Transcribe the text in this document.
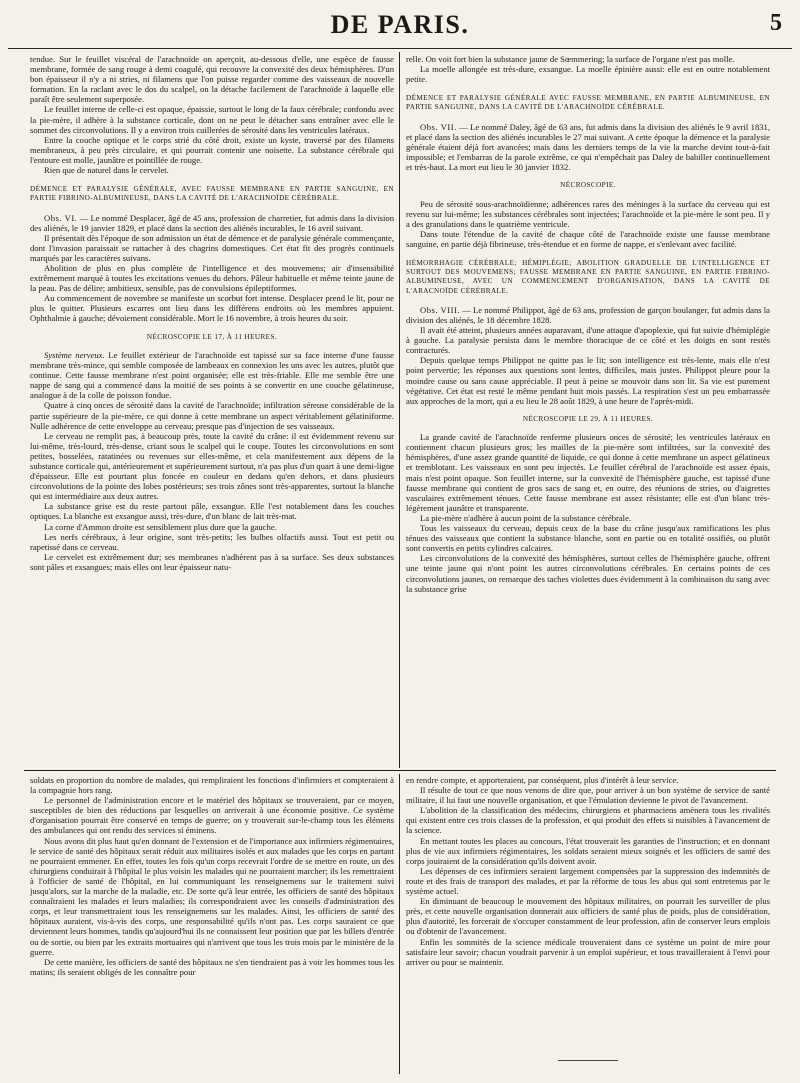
DE PARIS.	5

tendue. Sur le feuillet viscéral de l'arachnoïde on aperçoit, au-dessous d'elle, une espèce de fausse membrane, formée de sang rouge à demi coagulé, qui recouvre la convexité des deux hémisphères. D'un bon épaisseur il n'y a ni stries, ni filamens que l'on puisse regarder comme des vaisseaux de nouvelle formation. En la raclant avec le dos du scalpel, on la détache facilement de l'arachnoïde à laquelle elle paraît être seulement superposée.

Le feuillet interne de celle-ci est opaque, épaissie, surtout le long de la faux cérébrale; confondu avec la pie-mère, il adhère à la substance corticale, dont on ne peut le détacher sans entraîner avec elle le sommet des circonvolutions. Il y a environ trois cuillerées de sérosité dans les ventricules latéraux.

Entre la couche optique et le corps strié du côté droit, existe un kyste, traversé par des filamens membraneux, à peu près circulaire, et qui pourrait contenir une noisette. La substance cérébrale qui l'entoure est molle, jaunâtre et pointillée de rouge.

Rien que de naturel dans le cervelet.

DÉMENCE ET PARALYSIE GÉNÉRALE, AVEC FAUSSE MEMBRANE EN PARTIE SANGUINE, EN PARTIE FIBRINO-ALBUMINEUSE, DANS LA CAVITÉ DE L'ARACHNOÏDE CÉRÉBRALE.

Obs. VI. — Le nommé Desplacer, âgé de 45 ans, profession de charretier, fut admis dans la division des aliénés, le 19 janvier 1829, et placé dans la section des aliénés incurables, le 16 avril suivant.

Il présentait dès l'époque de son admission un état de démence et de paralysie générale commençante, dont l'invasion paraissait se rattacher à des chagrins domestiques. Cet état fit des progrès continuels marqués par les caractères suivans.

Abolition de plus en plus complète de l'intelligence et des mouvemens; air d'insensibilité extrêmement marqué à toutes les excitations venues du dehors. Pâleur habituelle et même teinte jaune de la peau. Pas de délire; ambitieux, sensible, pas de convulsions épileptiformes.

Au commencement de novembre se manifeste un scorbut fort intense. Desplacer prend le lit, pour ne plus le quitter. Plusieurs escarres ont lieu dans les différens endroits où les membres appuient. Ophthalmie à gauche; dévoiement considérable. Mort le 16 novembre, à trois heures du soir.

NÉCROSCOPIE LE 17, À 11 HEURES.

Système nerveux. Le feuillet extérieur de l'arachnoïde est tapissé sur sa face interne d'une fausse membrane très-mince, qui semble composée de lambeaux en connexion les uns avec les autres, plutôt que continue. Cette fausse membrane n'est point organisée; elle est très-friable. Elle me semble être une nappe de sang qui a commencé dans la moitié de ses points à se convertir en une couche gélatineuse, analogue à de la colle de poisson fondue.

Quatre à cinq onces de sérosité dans la cavité de l'arachnoïde; infiltration séreuse considérable de la partie supérieure de la pie-mère, ce qui donne à cette membrane un aspect véritablement gélatiniforme. Nulle adhérence de cette enveloppe au cerveau; presque pas d'injection de ses vaisseaux.

Le cerveau ne remplit pas, à beaucoup près, toute la cavité du crâne: il est évidemment revenu sur lui-même, très-lourd, très-dense, criant sous le scalpel qui le coupe. Toutes les circonvolutions en sont petites, bosselées, ratatinées ou revenues sur elles-même, et cela manifestement aux dépens de la substance corticale qui, antérieurement et supérieurement surtout, n'a pas plus d'un quart à une demi-ligne d'épaisseur. Elle est pourtant plus foncée en couleur en dedans qu'en dehors, et dans plusieurs circonvolutions de la pointe des lobes postérieurs; ses trois zônes sont très-apparentes, surtout la blanche qui est intermédiaire aux deux autres.

La substance grise est du reste partout pâle, exsangue. Elle l'est notablement dans les couches optiques. La blanche est exsangue aussi, très-dure, d'un blanc de lait très-mat.

La corne d'Ammon droite est sensiblement plus dure que la gauche.

Les nerfs cérébraux, à leur origine, sont très-petits; les bulbes olfactifs aussi. Tout est petit ou rapetissé dans ce cerveau.

Le cervelet est extrêmement dur; ses membranes n'adhèrent pas à sa surface. Ses deux substances sont pâles et exsangues; mais elles ont leur épaisseur natu-

relle. On voit fort bien la substance jaune de Sœmmering; la surface de l'organe n'est pas molle.

La moelle allongée est très-dure, exsangue. La moelle épinière aussi: elle est en outre notablement petite.

DÉMENCE ET PARALYSIE GÉNÉRALE AVEC FAUSSE MEMBRANE, EN PARTIE ALBUMINEUSE, EN PARTIE SANGUINE, DANS LA CAVITÉ DE L'ARACHNOÏDE CÉRÉBRALE.

Obs. VII. — Le nommé Daley, âgé de 63 ans, fut admis dans la division des aliénés le 9 avril 1831, et placé dans la section des aliénés incurables le 27 mai suivant. A cette époque la démence et la paralysie générale étaient déjà fort avancées; mais dans les derniers temps de la vie la marche devint tout-à-fait impossible; et l'embarras de la parole extrême, ce qui n'empêchait pas Daley de babiller continuellement et très-haut. La mort eut lieu le 30 janvier 1832.

NÉCROSCOPIE.

Peu de sérosité sous-arachnoïdienne; adhérences rares des méninges à la surface du cerveau qui est revenu sur lui-même; les substances cérébrales sont injectées; l'arachnoïde et la pie-mère le sont peu. Il y a des granulations dans le quatrième ventricule.

Dans toute l'étendue de la cavité de chaque côté de l'arachnoïde existe une fausse membrane sanguine, en partie déjà fibrineuse, très-étendue et en forme de nappe, et s'enlevant avec facilité.

HÉMORRHAGIE CÉRÉBRALE; HÉMIPLÉGIE; ABOLITION GRADUELLE DE L'INTELLIGENCE ET SURTOUT DES MOUVEMENS; FAUSSE MEMBRANE EN PARTIE SANGUINE, EN PARTIE FIBRINO-ALBUMINEUSE, AVEC UN COMMENCEMENT D'ORGANISATION, DANS LA CAVITÉ DE L'ARACNOÏDE CÉRÉBRALE.

Obs. VIII. — Le nommé Philippot, âgé de 63 ans, profession de garçon boulanger, fut admis dans la division des aliénés, le 18 décembre 1828.

Il avait été atteint, plusieurs années auparavant, d'une attaque d'apoplexie, qui fut suivie d'hémiplégie à gauche. La paralysie persista dans le membre thoracique de ce côté et les doigts en sont restés contracturés.

Depuis quelque temps Philippot ne quitte pas le lit; son intelligence est très-lente, mais elle n'est point pervertie; les réponses aux questions sont lentes, difficiles, mais justes. Philippot pleure pour la moindre cause ou sans cause appréciable. Il peut à peine se mouvoir dans son lit. Sa vie est purement végétative. Cet état est resté le même pendant huit mois passés. La respiration s'est un peu embarrassée aux approches de la mort, qui a eu lieu le 28 août 1829, à une heure de l'après-midi.

NÉCROSCOPIE LE 29, À 11 HEURES.

La grande cavité de l'arachnoïde renferme plusieurs onces de sérosité; les ventricules latéraux en contiennent chacun plusieurs gros; les mailles de la pie-mère sont infiltrées, sur la convexité des hémisphères, d'une assez grande quantité de liquide, ce qui donne à cette membrane un aspect gélatineux et tremblotant. Les vaisseaux en sont peu injectés. Le feuillet cérébral de l'arachnoïde est assez épais, mais n'est point opaque. Son feuillet interne, sur la convexité de l'hémisphère gauche, est tapissé d'une fausse membrane qui contient de gros sacs de sang et, en outre, des réunions de stries, ou d'aigrettes vasculaires extrêmement ténues. Cette fausse membrane est assez résistante; elle est d'un blanc très-légèrement jaunâtre et transparente.

La pie-mère n'adhère à aucun point de la substance cérébrale.

Tous les vaisseaux du cerveau, depuis ceux de la base du crâne jusqu'aux ramifications les plus ténues des vaisseaux que contient la substance blanche, sont en partie ou en totalité ossifiés, ou plutôt sont convertis en petits cylindres calcaires.

Les circonvolutions de la convexité des hémisphères, surtout celles de l'hémisphère gauche, offrent une teinte jaune qui n'ont point les autres circonvolutions cérébrales. En certains points de ces circonvolutions jaunes, on remarque des taches violettes dues évidemment à la combinaison du sang avec la substance grise

soldats en proportion du nombre de malades, qui rempliraient les fonctions d'infirmiers et compteraient à la compagnie hors rang.

Le personnel de l'administration encore et le matériel des hôpitaux se trouveraient, par ce moyen, susceptibles de bien des réductions par lesquelles on arriverait à une économie positive. Ce système d'organisation pourrait être conservé en temps de guerre; on y trouverait sur-le-champ tous les élémens des ambulances qui ont rendu des services si éminens.

Nous avons dit plus haut qu'en donnant de l'extension et de l'importance aux infirmiers régimentaires, le service de santé des hôpitaux serait réduit aux militaires isolés et aux malades que les corps en partant ne pourraient emmener. En effet, toutes les fois qu'un corps recevrait l'ordre de se mettre en route, un des chirurgiens conduirait à l'hôpital le plus voisin les malades qui ne pourraient marcher; ils les remettraient à l'officier de santé de l'hôpital, en lui communiquant les renseignemens sur le traitement suivi jusqu'alors, sur la marche de la maladie, etc. De sorte qu'à leur entrée, les officiers de santé des hôpitaux connaîtraient les malades et leurs maladies; ils correspondraient avec les conseils d'administration des corps, et leur transmettraient tous les renseignemens sur les malades. Ainsi, les officiers de santé des hôpitaux auraient, vis-à-vis des corps, une responsabilité qu'ils n'ont pas. Les corps sauraient ce que deviennent leurs hommes, tandis qu'aujourd'hui ils ne connaissent leur position que par les billets d'entrée ou de sortie, ou bien par les extraits mortuaires qui n'arrivent que tous les trois mois par le ministère de la guerre.

De cette manière, les officiers de santé des hôpitaux ne s'en tiendraient pas à voir les hommes tous les matins; ils seraient obligés de les connaître pour

en rendre compte, et apporteraient, par conséquent, plus d'intérêt à leur service.

Il résulte de tout ce que nous venons de dire que, pour arriver à un bon système de service de santé militaire, il lui faut une nouvelle organisation, et que l'émulation devienne le pivot de l'avancement.

L'abolition de la classification des médecins, chirurgiens et pharmaciens amènera tous les rivalités qui existent entre ces trois classes de la profession, et qui produit des effets si nuisibles à l'avancement de la science.

En mettant toutes les places au concours, l'état trouverait les garanties de l'instruction; et en donnant plus de vie aux infirmiers régimentaires, les soldats seraient mieux soignés et les officiers de santé des corps jouiraient de la considération qu'ils doivent avoir.

Les dépenses de ces infirmiers seraient largement compensées par la suppression des indemnités de route et des frais de transport des malades, et par la réforme de tous les abus qui sont entretenus par le système actuel.

En diminuant de beaucoup le mouvement des hôpitaux militaires, on pourrait les surveiller de plus près, et cette nouvelle organisation donnerait aux officiers de santé plus de poids, plus de considération, plus d'autorité, les forcerait de s'occuper constamment de leur profession, afin de conserver leurs emplois ou d'obtenir de l'avancement.

Enfin les sommités de la science médicale trouveraient dans ce système un point de mire pour satisfaire leur savoir; chacun voudrait parvenir à un emploi supérieur, et tous travailleraient à l'envi pour arriver ou pour se maintenir.
